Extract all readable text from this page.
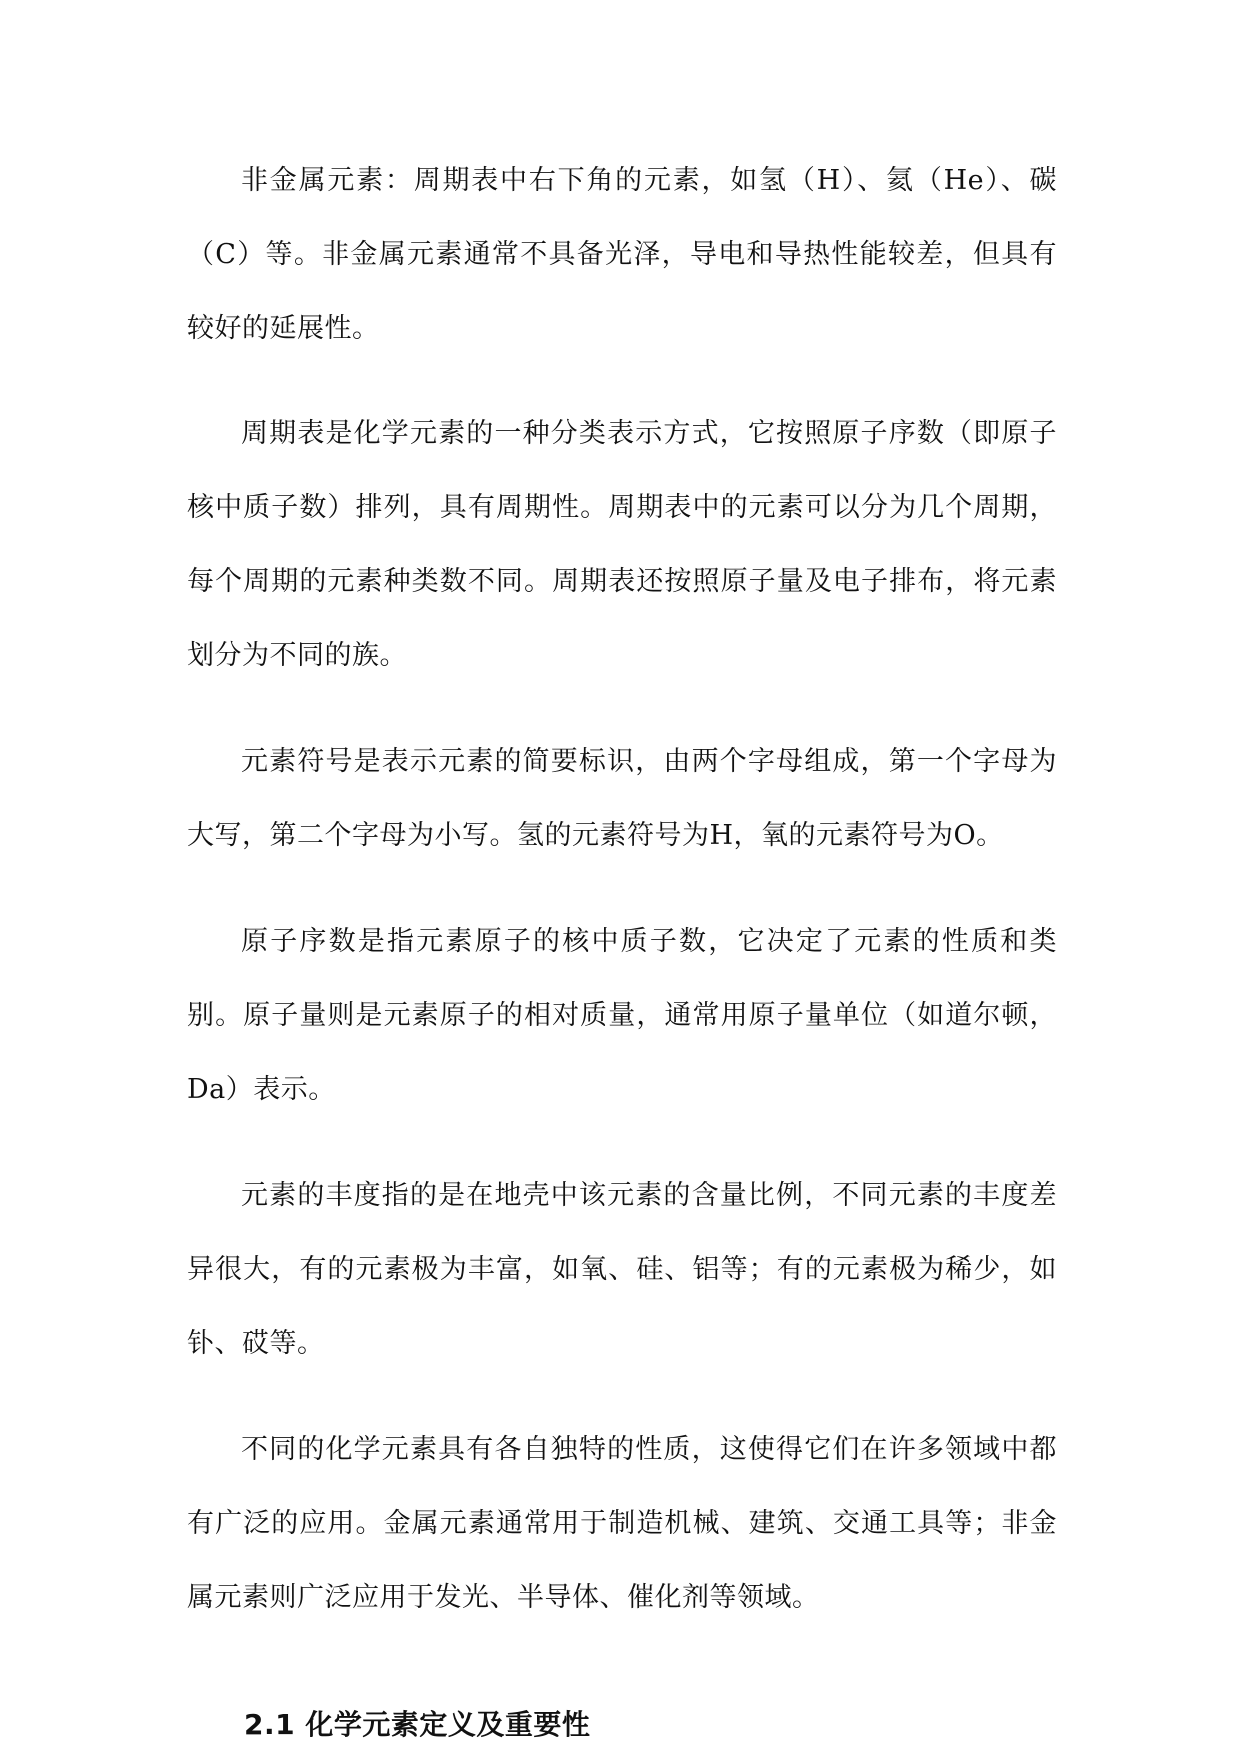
非金属元素：周期表中右下角的元素，如氢（H）、氦（He）、碳（C）等。非金属元素通常不具备光泽，导电和导热性能较差，但具有较好的延展性。

周期表是化学元素的一种分类表示方式，它按照原子序数（即原子核中质子数）排列，具有周期性。周期表中的元素可以分为几个周期，每个周期的元素种类数不同。周期表还按照原子量及电子排布，将元素划分为不同的族。

元素符号是表示元素的简要标识，由两个字母组成，第一个字母为大写，第二个字母为小写。氢的元素符号为H，氧的元素符号为O。

原子序数是指元素原子的核中质子数，它决定了元素的性质和类别。原子量则是元素原子的相对质量，通常用原子量单位（如道尔顿，Da）表示。

元素的丰度指的是在地壳中该元素的含量比例，不同元素的丰度差异很大，有的元素极为丰富，如氧、硅、铝等；有的元素极为稀少，如钋、砹等。

不同的化学元素具有各自独特的性质，这使得它们在许多领域中都有广泛的应用。金属元素通常用于制造机械、建筑、交通工具等；非金属元素则广泛应用于发光、半导体、催化剂等领域。

2.1 化学元素定义及重要性
